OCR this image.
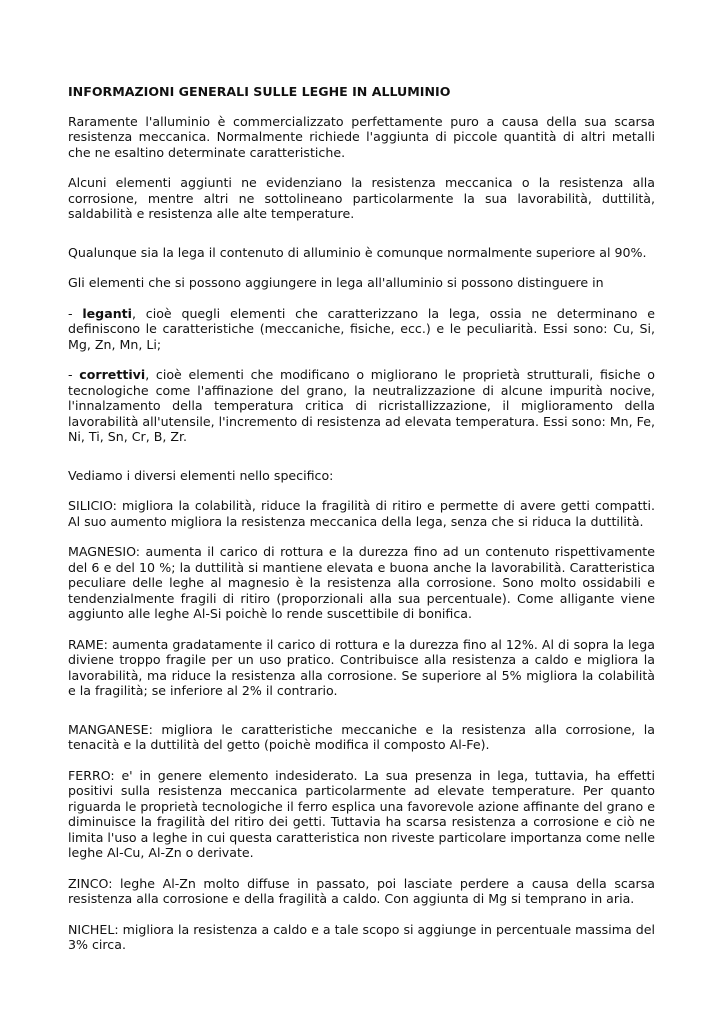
INFORMAZIONI GENERALI SULLE LEGHE IN ALLUMINIO

Raramente l'alluminio è commercializzato perfettamente puro a causa della sua scarsa resistenza meccanica. Normalmente richiede l'aggiunta di piccole quantità di altri metalli che ne esaltino determinate caratteristiche.

Alcuni elementi aggiunti ne evidenziano la resistenza meccanica o la resistenza alla corrosione, mentre altri ne sottolineano particolarmente la sua lavorabilità, duttilità, saldabilità e resistenza alle alte temperature.

Qualunque sia la lega il contenuto di alluminio è comunque normalmente superiore al 90%.

Gli elementi che si possono aggiungere in lega all'alluminio si possono distinguere in

- leganti, cioè quegli elementi che caratterizzano la lega, ossia ne determinano e definiscono le caratteristiche (meccaniche, fisiche, ecc.) e le peculiarità. Essi sono: Cu, Si, Mg, Zn, Mn, Li;

- correttivi, cioè elementi che modificano o migliorano le proprietà strutturali, fisiche o tecnologiche come l'affinazione del grano, la neutralizzazione di alcune impurità nocive, l'innalzamento della temperatura critica di ricristallizzazione, il miglioramento della lavorabilità all'utensile, l'incremento di resistenza ad elevata temperatura. Essi sono: Mn, Fe, Ni, Ti, Sn, Cr, B, Zr.

Vediamo i diversi elementi nello specifico:

SILICIO: migliora la colabilità, riduce la fragilità di ritiro e permette di avere getti compatti. Al suo aumento migliora la resistenza meccanica della lega, senza che si riduca la duttilità.

MAGNESIO: aumenta il carico di rottura e la durezza fino ad un contenuto rispettivamente del 6 e del 10 %; la duttilità si mantiene elevata e buona anche la lavorabilità. Caratteristica peculiare delle leghe al magnesio è la resistenza alla corrosione. Sono molto ossidabili e tendenzialmente fragili di ritiro (proporzionali alla sua percentuale). Come alligante viene aggiunto alle leghe Al-Si poichè lo rende suscettibile di bonifica.

RAME: aumenta gradatamente il carico di rottura e la durezza fino al 12%. Al di sopra la lega diviene troppo fragile per un uso pratico. Contribuisce alla resistenza a caldo e migliora la lavorabilità, ma riduce la resistenza alla corrosione. Se superiore al 5% migliora la colabilità e la fragilità; se inferiore al 2% il contrario.

MANGANESE: migliora le caratteristiche meccaniche e la resistenza alla corrosione, la tenacità e la duttilità del getto (poichè modifica il composto Al-Fe).

FERRO: e' in genere elemento indesiderato. La sua presenza in lega, tuttavia, ha effetti positivi sulla resistenza meccanica particolarmente ad elevate temperature. Per quanto riguarda le proprietà tecnologiche il ferro esplica una favorevole azione affinante del grano e diminuisce la fragilità del ritiro dei getti. Tuttavia ha scarsa resistenza a corrosione e ciò ne limita l'uso a leghe in cui questa caratteristica non riveste particolare importanza come nelle leghe Al-Cu, Al-Zn o derivate.

ZINCO: leghe Al-Zn molto diffuse in passato, poi lasciate perdere a causa della scarsa resistenza alla corrosione e della fragilità a caldo. Con aggiunta di Mg si temprano in aria.

NICHEL: migliora la resistenza a caldo e a tale scopo si aggiunge in percentuale massima del 3% circa.
